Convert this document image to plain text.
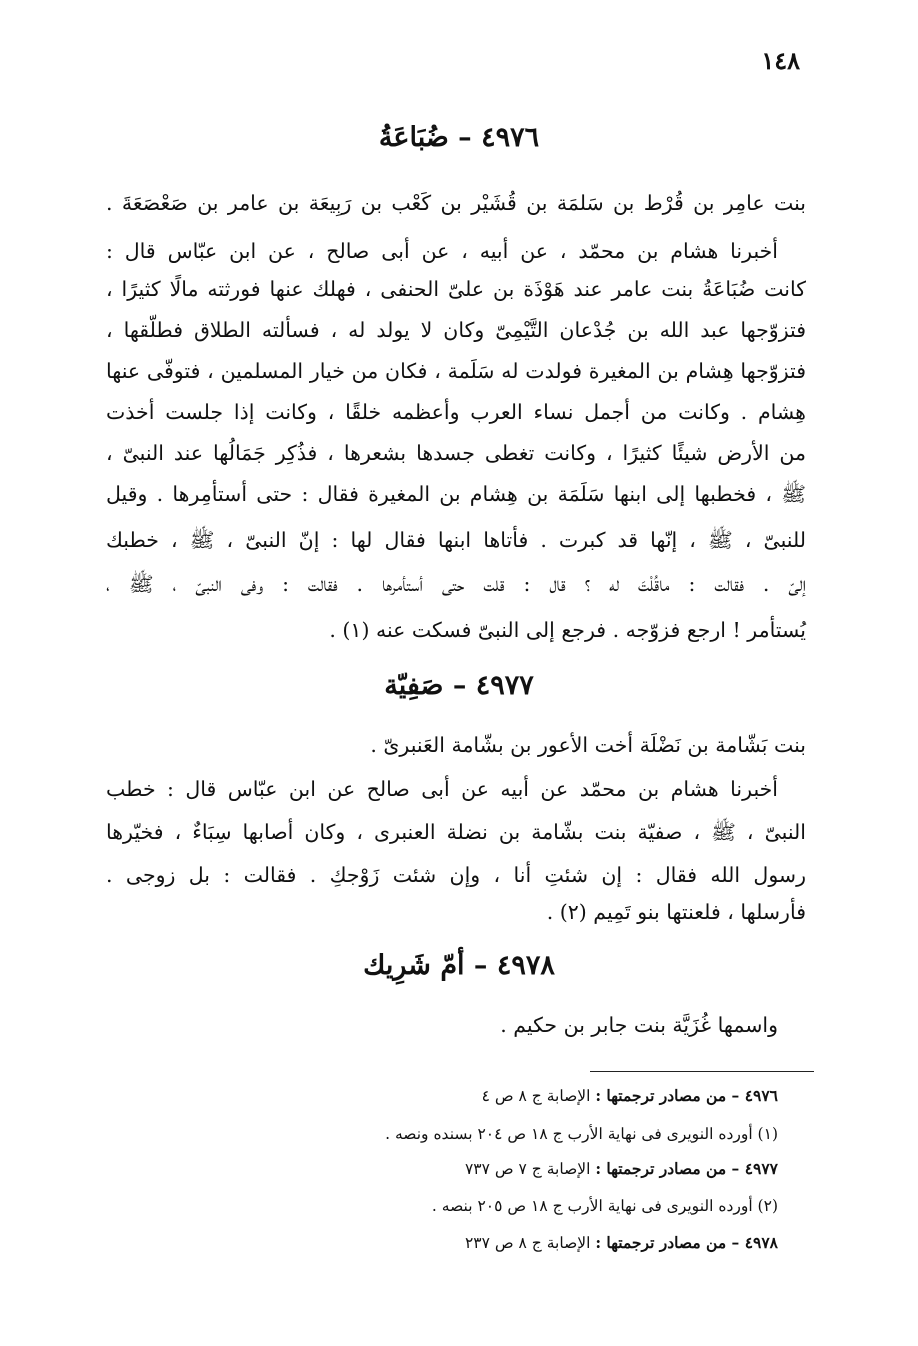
١٤٨
٤٩٧٦ – ضُبَاعَةُ
بنت عامِر بن قُرْط بن سَلمَة بن قُشَيْر بن كَعْب بن رَبِيعَة بن عامر بن صَعْصَعَةَ .
أخبرنا هشام بن محمّد ، عن أبيه ، عن أبى صالح ، عن ابن عبّاس قال :
كانت ضُبَاعَةُ بنت عامر عند هَوْذَة بن علىّ الحنفى ، فهلك عنها فورثته مالًا كثيرًا ،
فتزوّجها عبد الله بن جُدْعان التَّيْمِىّ وكان لا يولد له ، فسألته الطلاق فطلّقها ،
فتزوّجها هِشام بن المغيرة فولدت له سَلَمة ، فكان من خيار المسلمين ، فتوفّى عنها
هِشام . وكانت من أجمل نساء العرب وأعظمه خلقًا ، وكانت إذا جلست أخذت
من الأرض شيئًا كثيرًا ، وكانت تغطى جسدها بشعرها ، فذُكِر جَمَالُها عند النبىّ ،
ﷺ ، فخطبها إلى ابنها سَلَمَة بن هِشام بن المغيرة فقال : حتى أستأمِرها . وقيل
للنبىّ ، ﷺ ، إنّها قد كبرت . فأتاها ابنها فقال لها : إنّ النبىّ ، ﷺ ، خطبك
إلىّ . فقالت : ماقُلْتَ له ؟ قال : قلت حتى أستأمرها . فقالت : وفى النبىّ ، ﷺ ،
يُستأمر ! ارجع فزوّجه . فرجع إلى النبىّ فسكت عنه (١) .
٤٩٧٧ – صَفِيّة
بنت بَشّامة بن نَضْلَة أخت الأعور بن بشّامة العَنبرىّ .
أخبرنا هشام بن محمّد عن أبيه عن أبى صالح عن ابن عبّاس قال : خطب
النبىّ ، ﷺ ، صفيّة بنت بشّامة بن نضلة العنبرى ، وكان أصابها سِبَاءٌ ، فخيّرها
رسول الله فقال : إن شئتِ أنا ، وإن شئت زَوْجكِ . فقالت : بل زوجى .
فأرسلها ، فلعنتها بنو تَمِيم (٢) .
٤٩٧٨ – أمّ شَرِيك
واسمها غُزَيَّة بنت جابر بن حكيم .
٤٩٧٦ – من مصادر ترجمتها : الإصابة ج ٨ ص ٤
(١) أورده النويرى فى نهاية الأرب ج ١٨ ص ٢٠٤ بسنده ونصه .
٤٩٧٧ – من مصادر ترجمتها : الإصابة ج ٧ ص ٧٣٧
(٢) أورده النويرى فى نهاية الأرب ج ١٨ ص ٢٠٥ بنصه .
٤٩٧٨ – من مصادر ترجمتها : الإصابة ج ٨ ص ٢٣٧
